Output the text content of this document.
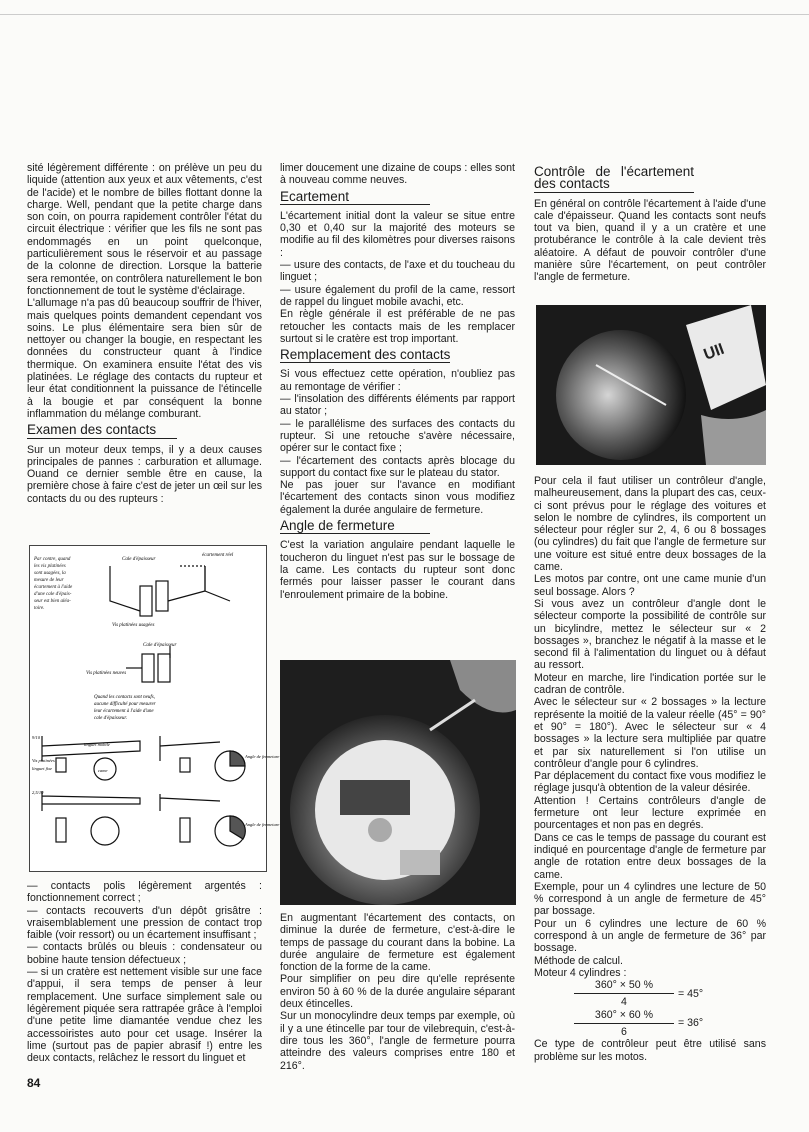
sité légèrement différente : on prélève un peu du liquide (attention aux yeux et aux vêtements, c'est de l'acide) et le nombre de billes flottant donne la charge. Well, pendant que la petite charge dans son coin, on pourra rapidement contrôler l'état du circuit électrique : vérifier que les fils ne sont pas endommagés en un point quelconque, particulièrement sous le réservoir et au passage de la colonne de direction. Lorsque la batterie sera remontée, on contrôlera naturellement le bon fonctionnement de tout le système d'éclairage.

L'allumage n'a pas dû beaucoup souffrir de l'hiver, mais quelques points demandent cependant vos soins. Le plus élémentaire sera bien sûr de nettoyer ou changer la bougie, en respectant les données du constructeur quant à l'indice thermique. On examinera ensuite l'état des vis platinées. Le réglage des contacts du rupteur et leur état conditionnent la puissance de l'étincelle à la bougie et par conséquent la bonne inflammation du mélange comburant.

Examen des contacts

Sur un moteur deux temps, il y a deux causes principales de pannes : carburation et allumage. Ouand ce dernier semble être en cause, la première chose à faire c'est de jeter un œil sur les contacts du ou des rupteurs :

Par contre, quand
les vis platinées
sont usagées, la
mesure de leur
écartement à l'aide
d'une cale d'épais-
seur est bien aléa-
toire.
Cale d'épaisseur
écartement réel
Vis platinées usagées
Cale d'épaisseur
Vis platinées neuves
Quand les contacts sont neufs,
aucune difficulté pour mesurer
leur écartement à l'aide d'une
cale d'épaisseur.
9/10
linguet mobile
Vis platinées
linguet fixe	came
Angle de fermeture
2,5/10
Angle de fermeture

— contacts polis légèrement argentés : fonctionnement correct ;

— contacts recouverts d'un dépôt grisâtre : vraisemblablement une pression de contact trop faible (voir ressort) ou un écartement insuffisant ;

— contacts brûlés ou bleuis : condensateur ou bobine haute tension défectueux ;

— si un cratère est nettement visible sur une face d'appui, il sera temps de penser à leur remplacement. Une surface simplement sale ou légèrement piquée sera rattrapée grâce à l'emploi d'une petite lime diamantée vendue chez les accessoiristes auto pour cet usage. Insérer la lime (surtout pas de papier abrasif !) entre les deux contacts, relâchez le ressort du linguet et

limer doucement une dizaine de coups : elles sont à nouveau comme neuves.

Ecartement

L'écartement initial dont la valeur se situe entre 0,30 et 0,40 sur la majorité des moteurs se modifie au fil des kilomètres pour diverses raisons :

— usure des contacts, de l'axe et du toucheau du linguet ;

— usure également du profil de la came, ressort de rappel du linguet mobile avachi, etc.

En règle générale il est préférable de ne pas retoucher les contacts mais de les remplacer surtout si le cratère est trop important.

Remplacement des contacts

Si vous effectuez cette opération, n'oubliez pas au remontage de vérifier :

— l'insolation des différents éléments par rapport au stator ;

— le parallélisme des surfaces des contacts du rupteur. Si une retouche s'avère nécessaire, opérer sur le contact fixe ;

— l'écartement des contacts après blocage du support du contact fixe sur le plateau du stator.

Ne pas jouer sur l'avance en modifiant l'écartement des contacts sinon vous modifiez également la durée angulaire de fermeture.

Angle de fermeture

C'est la variation angulaire pendant laquelle le toucheron du linguet n'est pas sur le bossage de la came. Les contacts du rupteur sont donc fermés pour laisser passer le courant dans l'enroulement primaire de la bobine.

En augmentant l'écartement des contacts, on diminue la durée de fermeture, c'est-à-dire le temps de passage du courant dans la bobine. La durée angulaire de fermeture est également fonction de la forme de la came.

Pour simplifier on peu dire qu'elle représente environ 50 à 60 % de la durée angulaire séparant deux étincelles.

Sur un monocylindre deux temps par exemple, où il y a une étincelle par tour de vilebrequin, c'est-à-dire tous les 360°, l'angle de fermeture pourra atteindre des valeurs comprises entre 180 et 216°.

Contrôle de l'écartement des contacts

En général on contrôle l'écartement à l'aide d'une cale d'épaisseur. Quand les contacts sont neufs tout va bien, quand il y a un cratère et une protubérance le contrôle à la cale devient très aléatoire. A défaut de pouvoir contrôler d'une manière sûre l'écartement, on peut contrôler l'angle de fermeture.

UII

Pour cela il faut utiliser un contrôleur d'angle, malheureusement, dans la plupart des cas, ceux-ci sont prévus pour le réglage des voitures et selon le nombre de cylindres, ils comportent un sélecteur pour régler sur 2, 4, 6 ou 8 bossages (ou cylindres) du fait que l'angle de fermeture sur une voiture est situé entre deux bossages de la came.

Les motos par contre, ont une came munie d'un seul bossage. Alors ?

Si vous avez un contrôleur d'angle dont le sélecteur comporte la possibilité de contrôle sur un bicylindre, mettez le sélecteur sur « 2 bossages », branchez le négatif à la masse et le second fil à l'alimentation du linguet ou à défaut au ressort.

Moteur en marche, lire l'indication portée sur le cadran de contrôle.

Avec le sélecteur sur « 2 bossages » la lecture représente la moitié de la valeur réelle (45° = 90° et 90° = 180°). Avec le sélecteur sur « 4 bossages » la lecture sera multipliée par quatre et par six naturellement si l'on utilise un contrôleur d'angle pour 6 cylindres.

Par déplacement du contact fixe vous modifiez le réglage jusqu'à obtention de la valeur désirée.

Attention ! Certains contrôleurs d'angle de fermeture ont leur lecture exprimée en pourcentages et non pas en degrés.

Dans ce cas le temps de passage du courant est indiqué en pourcentage d'angle de fermeture par angle de rotation entre deux bossages de la came.

Exemple, pour un 4 cylindres une lecture de 50 % correspond à un angle de fermeture de 45° par bossage.

Pour un 6 cylindres une lecture de 60 % correspond à un angle de fermeture de 36° par bossage.

Méthode de calcul.

Moteur 4 cylindres :

360° × 50 %
4
= 45°
360° × 60 %
6
= 36°

Ce type de contrôleur peut être utilisé sans problème sur les motos.

84
